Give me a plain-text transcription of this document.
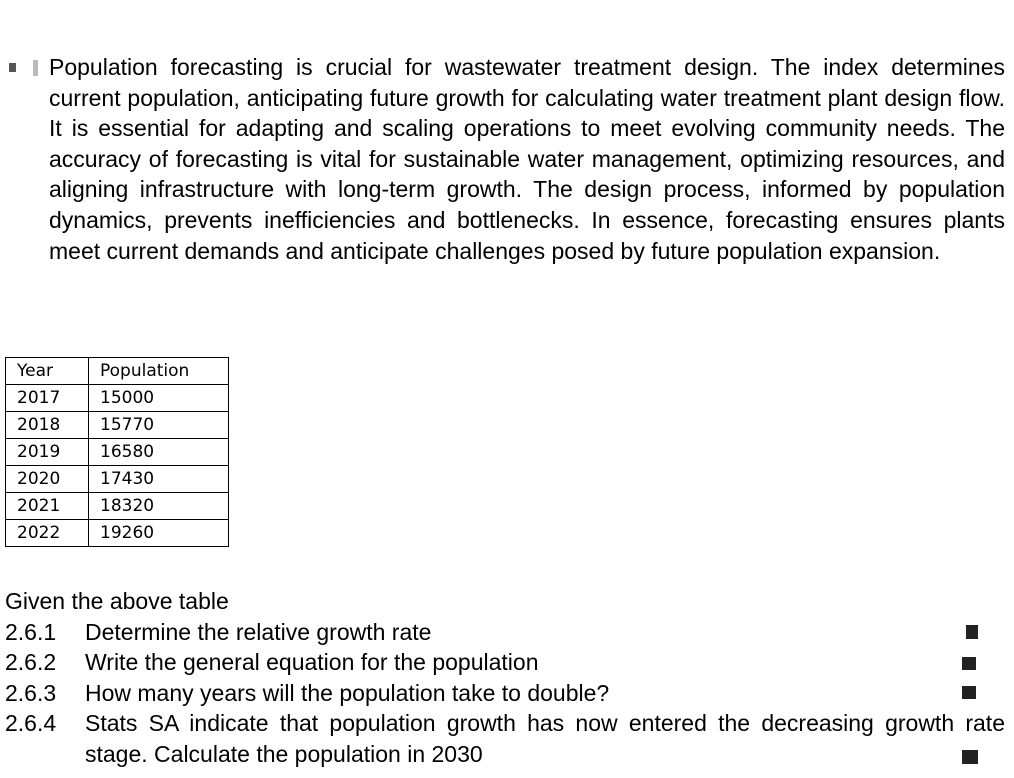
Population forecasting is crucial for wastewater treatment design. The index determines current population, anticipating future growth for calculating water treatment plant design flow. It is essential for adapting and scaling operations to meet evolving community needs. The accuracy of forecasting is vital for sustainable water management, optimizing resources, and aligning infrastructure with long-term growth. The design process, informed by population dynamics, prevents inefficiencies and bottlenecks. In essence, forecasting ensures plants meet current demands and anticipate challenges posed by future population expansion.

Year	Population
2017	15000
2018	15770
2019	16580
2020	17430
2021	18320
2022	19260
Given the above table
2.6.1	Determine the relative growth rate
2.6.2	Write the general equation for the population
2.6.3	How many years will the population take to double?
2.6.4	Stats SA indicate that population growth has now entered the decreasing growth rate stage. Calculate the population in 2030
